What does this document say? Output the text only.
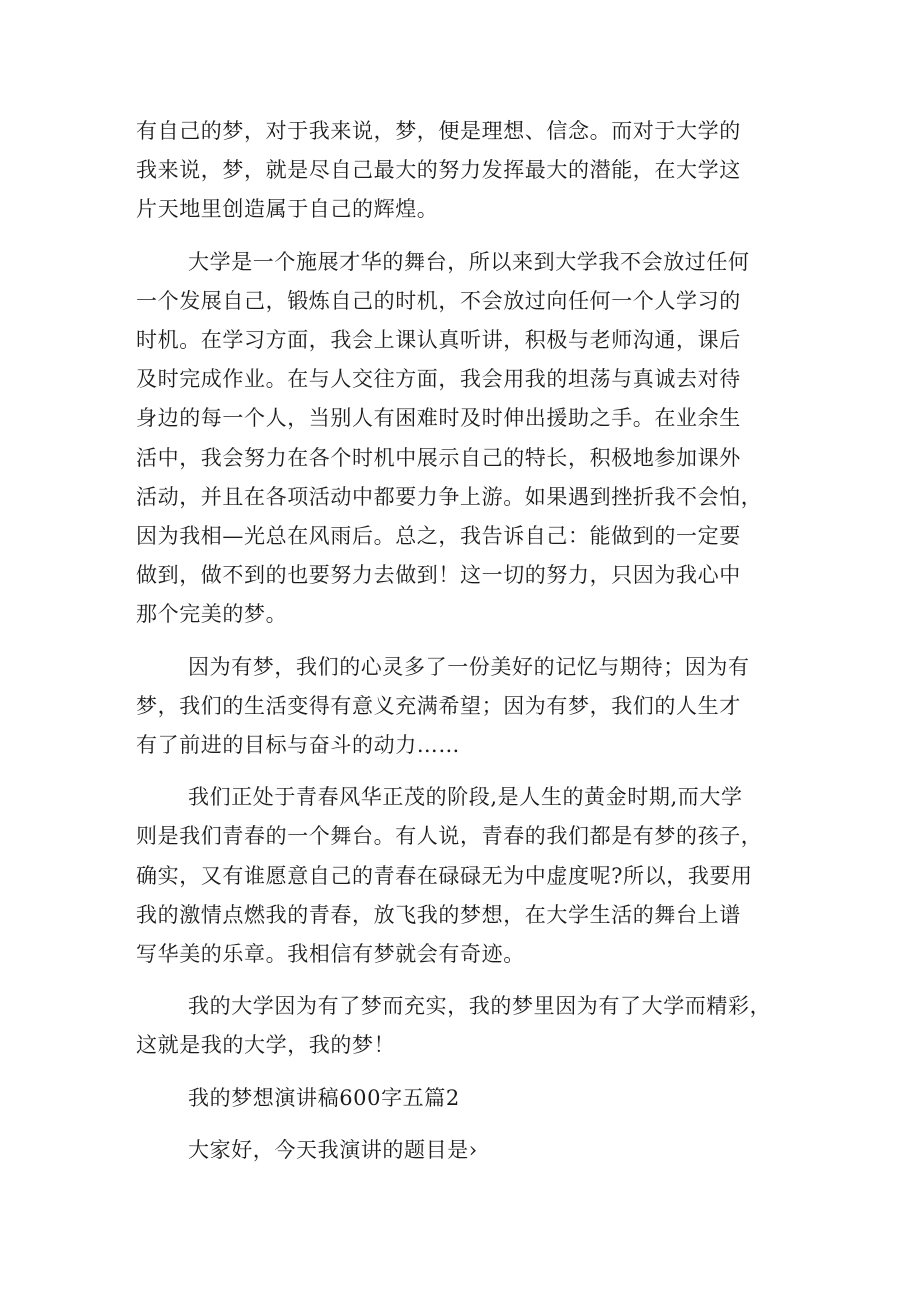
有自己的梦，对于我来说，梦，便是理想、信念。而对于大学的
我来说，梦，就是尽自己最大的努力发挥最大的潜能，在大学这
片天地里创造属于自己的辉煌。
大学是一个施展才华的舞台，所以来到大学我不会放过任何
一个发展自己，锻炼自己的时机，不会放过向任何一个人学习的
时机。在学习方面，我会上课认真听讲，积极与老师沟通，课后
及时完成作业。在与人交往方面，我会用我的坦荡与真诚去对待
身边的每一个人，当别人有困难时及时伸出援助之手。在业余生
活中，我会努力在各个时机中展示自己的特长，积极地参加课外
活动，并且在各项活动中都要力争上游。如果遇到挫折我不会怕，
因为我相—光总在风雨后。总之，我告诉自己：能做到的一定要
做到，做不到的也要努力去做到！这一切的努力，只因为我心中
那个完美的梦。
因为有梦，我们的心灵多了一份美好的记忆与期待；因为有
梦，我们的生活变得有意义充满希望；因为有梦，我们的人生才
有了前进的目标与奋斗的动力……
我们正处于青春风华正茂的阶段,是人生的黄金时期,而大学
则是我们青春的一个舞台。有人说，青春的我们都是有梦的孩子，
确实，又有谁愿意自己的青春在碌碌无为中虚度呢?所以，我要用
我的激情点燃我的青春，放飞我的梦想，在大学生活的舞台上谱
写华美的乐章。我相信有梦就会有奇迹。
我的大学因为有了梦而充实，我的梦里因为有了大学而精彩，
这就是我的大学，我的梦！
我的梦想演讲稿600字五篇2
大家好，今天我演讲的题目是›
